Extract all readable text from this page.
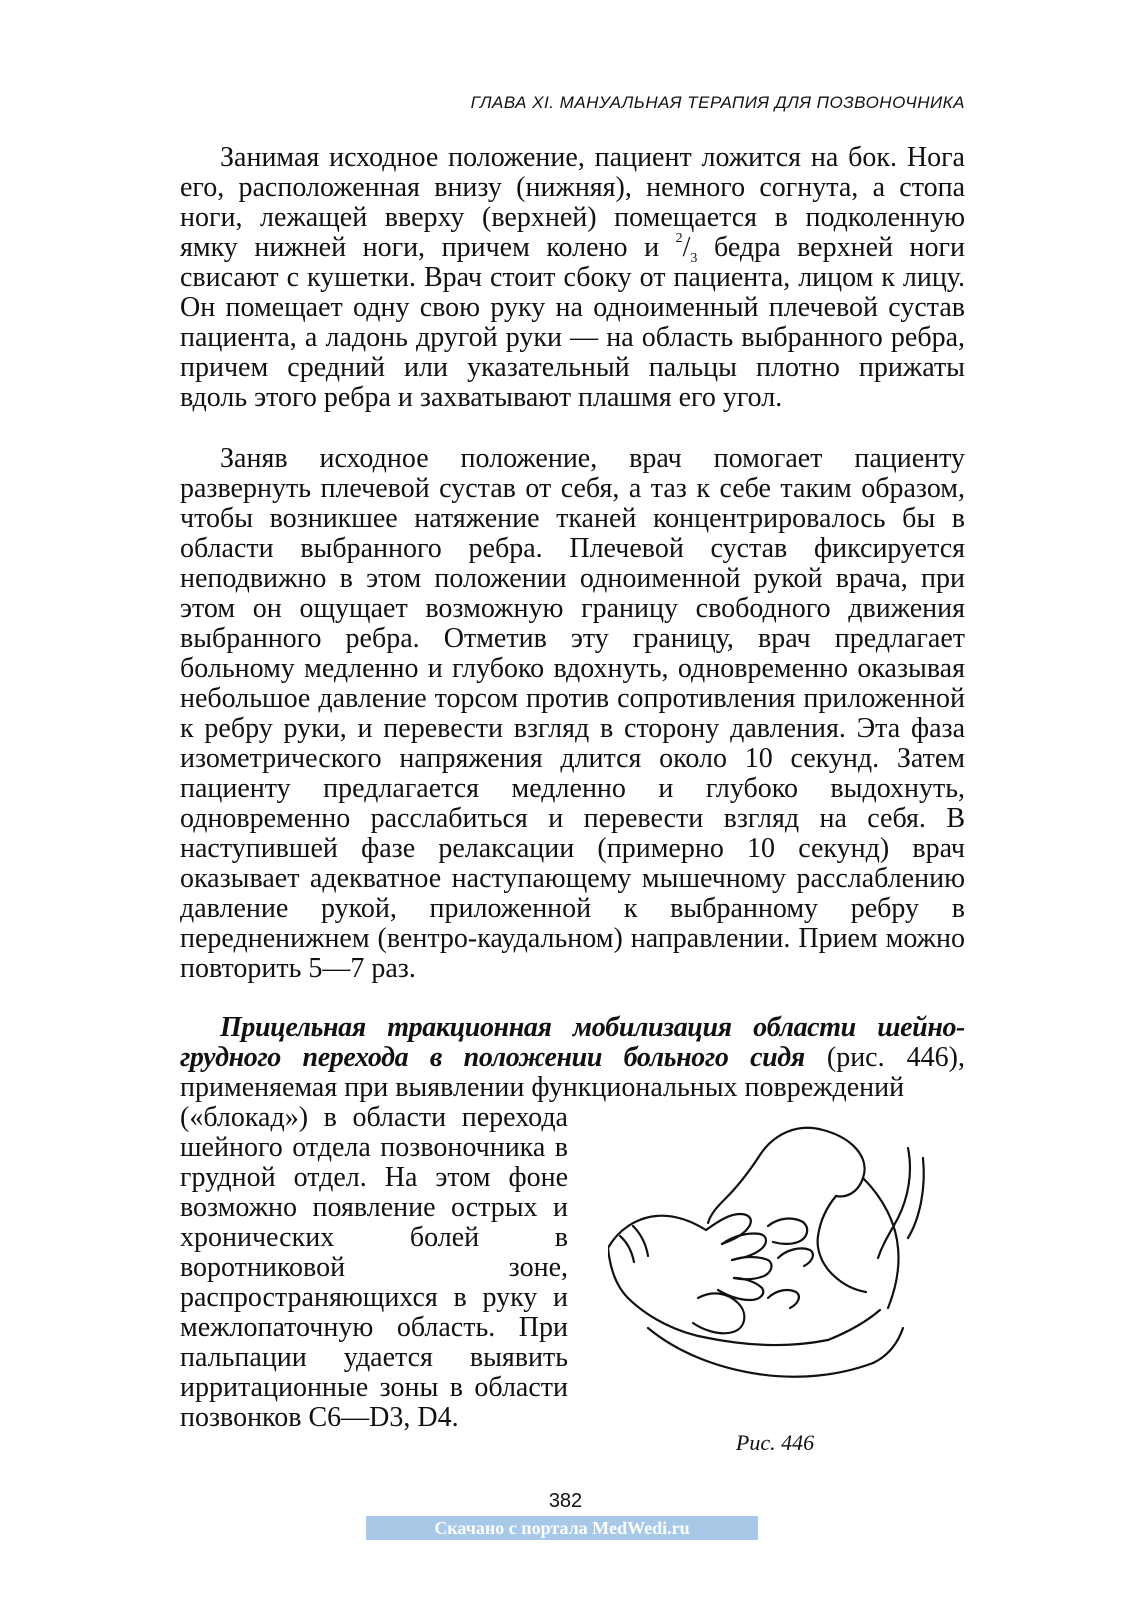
ГЛАВА XI. МАНУАЛЬНАЯ ТЕРАПИЯ ДЛЯ ПОЗВОНОЧНИКА

Занимая исходное положение, пациент ложится на бок. Нога его, расположенная внизу (нижняя), немного согнута, а стопа ноги, лежащей вверху (верхней) помещается в подколенную ямку нижней ноги, причем колено и $^2/_3$ бедра верхней ноги свисают с кушетки. Врач стоит сбоку от пациента, лицом к лицу. Он помещает одну свою руку на одноименный плечевой сустав пациента, а ладонь другой руки — на область выбранного ребра, причем средний или указательный пальцы плотно прижаты вдоль этого ребра и захватывают плашмя его угол.

Заняв исходное положение, врач помогает пациенту развернуть плечевой сустав от себя, а таз к себе таким образом, чтобы возникшее натяжение тканей концентрировалось бы в области выбранного ребра. Плечевой сустав фиксируется неподвижно в этом положении одноименной рукой врача, при этом он ощущает возможную границу свободного движения выбранного ребра. Отметив эту границу, врач предлагает больному медленно и глубоко вдохнуть, одновременно оказывая небольшое давление торсом против сопротивления приложенной к ребру руки, и перевести взгляд в сторону давления. Эта фаза изометрического напряжения длится около 10 секунд. Затем пациенту предлагается медленно и глубоко выдохнуть, одновременно расслабиться и перевести взгляд на себя. В наступившей фазе релаксации (примерно 10 секунд) врач оказывает адекватное наступающему мышечному расслаблению давление рукой, приложенной к выбранному ребру в передненижнем (вентро-каудальном) направлении. Прием можно повторить 5—7 раз.

Прицельная тракционная мобилизация области шейно-грудного перехода в положении больного сидя (рис. 446), применяемая при выявлении функциональных повреждений

(«блокад») в области перехода шейного отдела позвоночника в грудной отдел. На этом фоне возможно появление острых и хронических болей в воротниковой зоне, распространяющихся в руку и межлопаточную область. При пальпации удается выявить ирритационные зоны в области позвонков C6—D3, D4.
Рис. 446
382
Скачано с портала MedWedi.ru
